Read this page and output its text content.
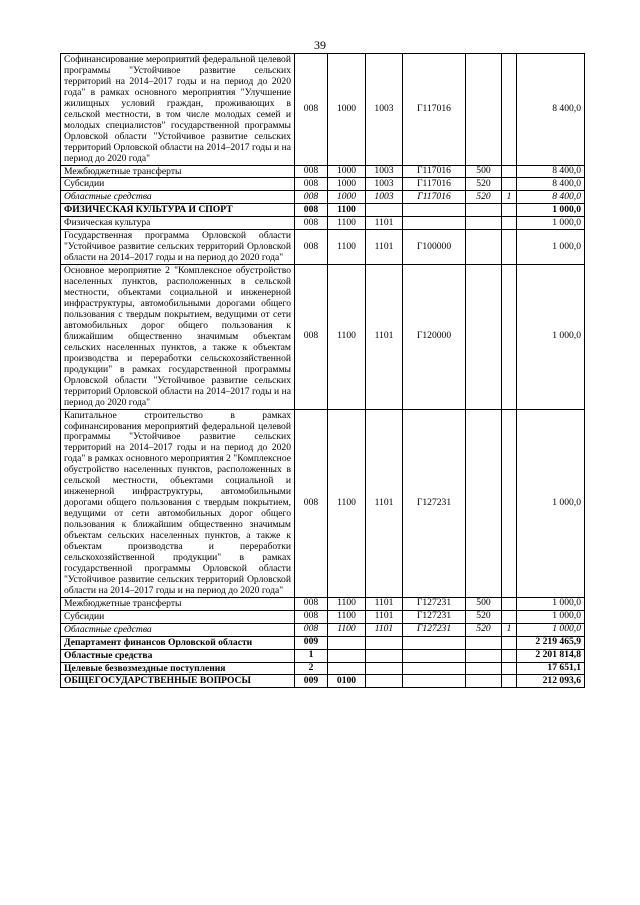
39
Софинансирование мероприятий федеральной целевой программы "Устойчивое развитие сельских территорий на 2014–2017 годы и на период до 2020 года" в рамках основного мероприятия "Улучшение жилищных условий граждан, проживающих в сельской местности, в том числе молодых семей и молодых специалистов" государственной программы Орловской области "Устойчивое развитие сельских территорий Орловской области на 2014–2017 годы и на период до 2020 года"	008	1000	1003	Г117016			8 400,0
Межбюджетные трансферты	008	1000	1003	Г117016	500		8 400,0
Субсидии	008	1000	1003	Г117016	520		8 400,0
Областные средства	008	1000	1003	Г117016	520	1	8 400,0
ФИЗИЧЕСКАЯ КУЛЬТУРА И СПОРТ	008	1100					1 000,0
Физическая культура	008	1100	1101				1 000,0
Государственная программа Орловской области "Устойчивое развитие сельских территорий Орловской области на 2014–2017 годы и на период до 2020 года"	008	1100	1101	Г100000			1 000,0
Основное мероприятие 2 "Комплексное обустройство населенных пунктов, расположенных в сельской местности, объектами социальной и инженерной инфраструктуры, автомобильными дорогами общего пользования с твердым покрытием, ведущими от сети автомобильных дорог общего пользования к ближайшим общественно значимым объектам сельских населенных пунктов, а также к объектам производства и переработки сельскохозяйственной продукции" в рамках государственной программы Орловской области "Устойчивое развитие сельских территорий Орловской области на 2014–2017 годы и на период до 2020 года"	008	1100	1101	Г120000			1 000,0
Капитальное строительство в рамках софинансирования мероприятий федеральной целевой программы "Устойчивое развитие сельских территорий на 2014–2017 годы и на период до 2020 года" в рамках основного мероприятия 2 "Комплексное обустройство населенных пунктов, расположенных в сельской местности, объектами социальной и инженерной инфраструктуры, автомобильными дорогами общего пользования с твердым покрытием, ведущими от сети автомобильных дорог общего пользования к ближайшим общественно значимым объектам сельских населенных пунктов, а также к объектам производства и переработки сельскохозяйственной продукции" в рамках государственной программы Орловской области "Устойчивое развитие сельских территорий Орловской области на 2014–2017 годы и на период до 2020 года"	008	1100	1101	Г127231			1 000,0
Межбюджетные трансферты	008	1100	1101	Г127231	500		1 000,0
Субсидии	008	1100	1101	Г127231	520		1 000,0
Областные средства	008	1100	1101	Г127231	520	1	1 000,0
Департамент финансов Орловской области	009						2 219 465,9
Областные средства	1						2 201 814,8
Целевые безвозмездные поступления	2						17 651,1
ОБЩЕГОСУДАРСТВЕННЫЕ ВОПРОСЫ	009	0100					212 093,6
